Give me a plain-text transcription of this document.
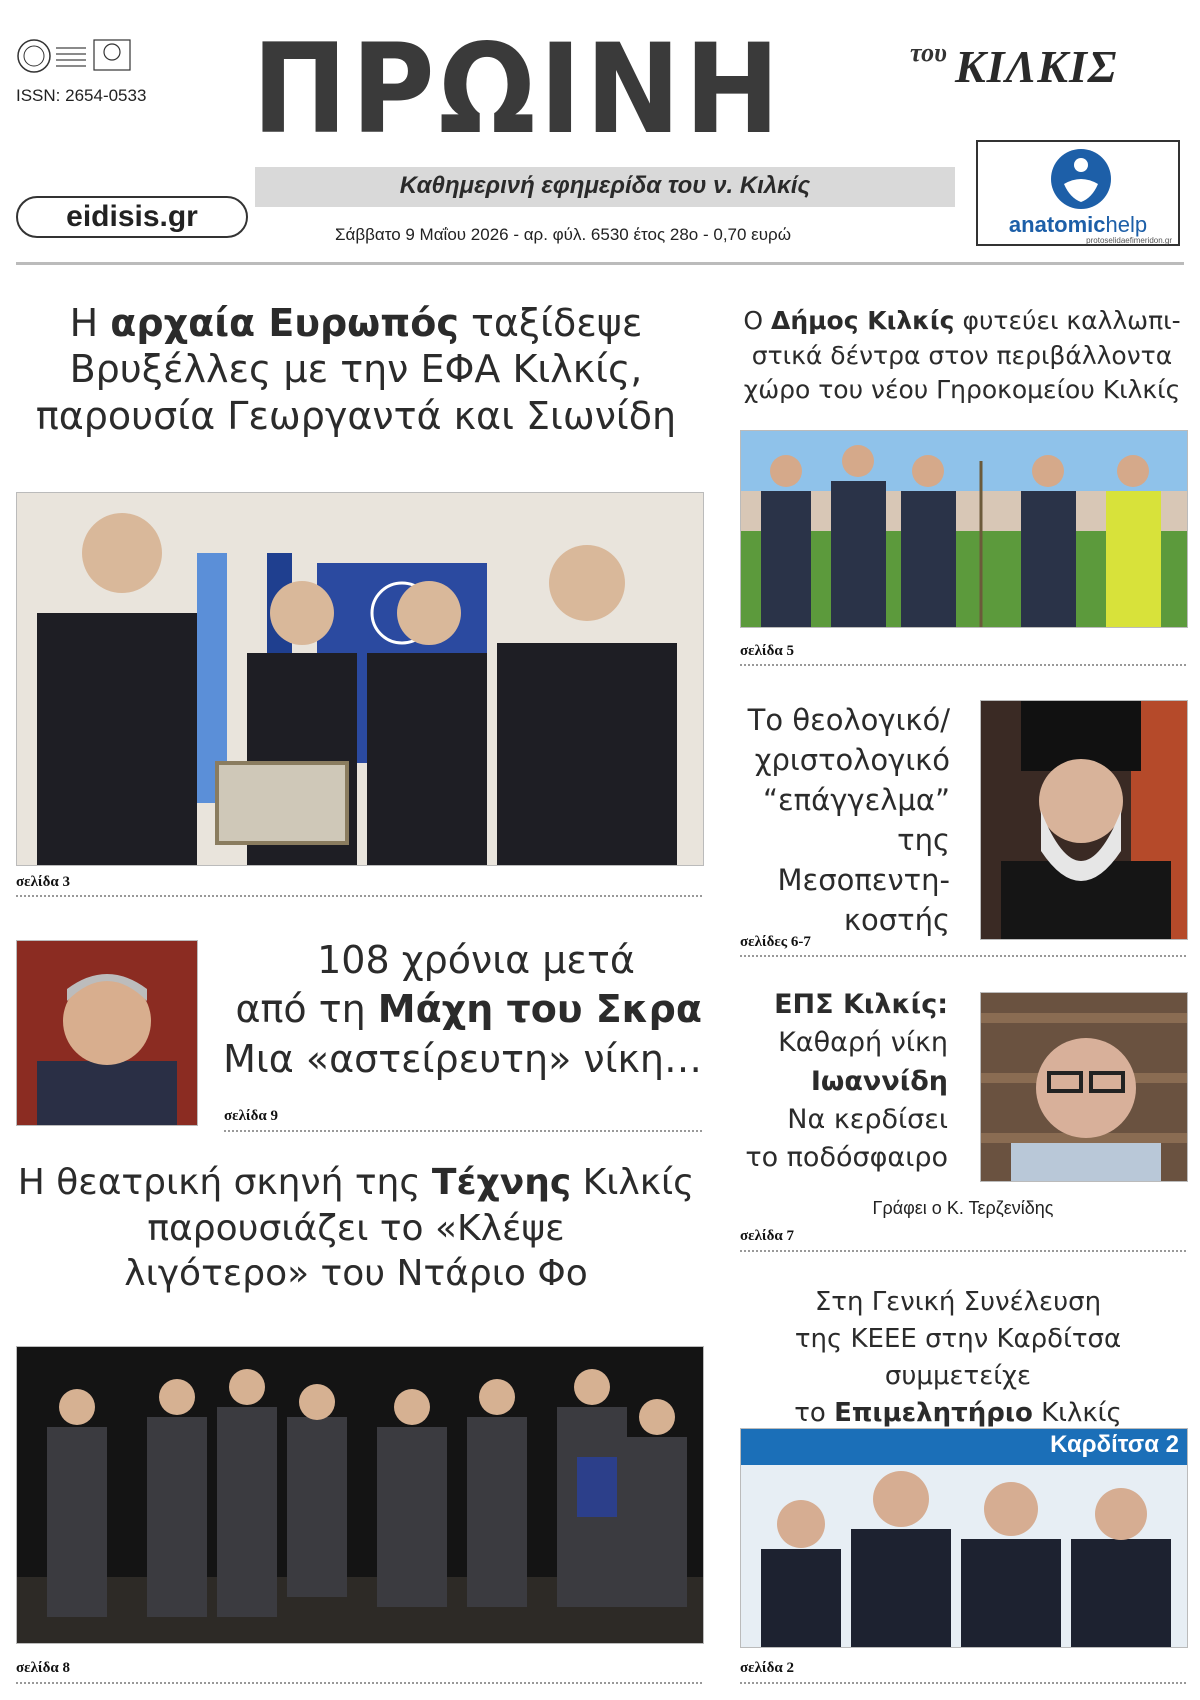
ISSN: 2654-0533 ΠΡΩΙΝΗ	του ΚΙΛΚΙΣ
Καθημερινή εφημερίδα του ν. Κιλκίς
eidisis.gr
Σάββατο 9 Μαΐου 2026 - αρ. φύλ. 6530 έτος 28ο - 0,70 ευρώ	anatomichelp
protoselidaefimeridon.gr
Η αρχαία Ευρωπός ταξίδεψε
Βρυξέλλες με την ΕΦΑ Κιλκίς,
παρουσία Γεωργαντά και Σιωνίδη
σελίδα 3
108 χρόνια μετά
από τη Μάχη του Σκρα
Μια «αστείρευτη» νίκη…
σελίδα 9
Η θεατρική σκηνή της Τέχνης Κιλκίς
παρουσιάζει το «Κλέψε
λιγότερο» του Ντάριο Φο
σελίδα 8
Ο Δήμος Κιλκίς φυτεύει καλλωπι-
στικά δέντρα στον περιβάλλοντα
χώρο του νέου Γηροκομείου Κιλκίς
σελίδα 5
Το θεολογικό/
χριστολογικό
“επάγγελμα”
της Μεσοπεντη-
κοστής
σελίδες 6-7
ΕΠΣ Κιλκίς:
Καθαρή νίκη
Ιωαννίδη
Να κερδίσει
το ποδόσφαιρο
Γράφει ο Κ. Τερζενίδης
σελίδα 7
Στη Γενική Συνέλευση
της ΚΕΕΕ στην Καρδίτσα συμμετείχε
το Επιμελητήριο Κιλκίς
Καρδίτσα 2
σελίδα 2
